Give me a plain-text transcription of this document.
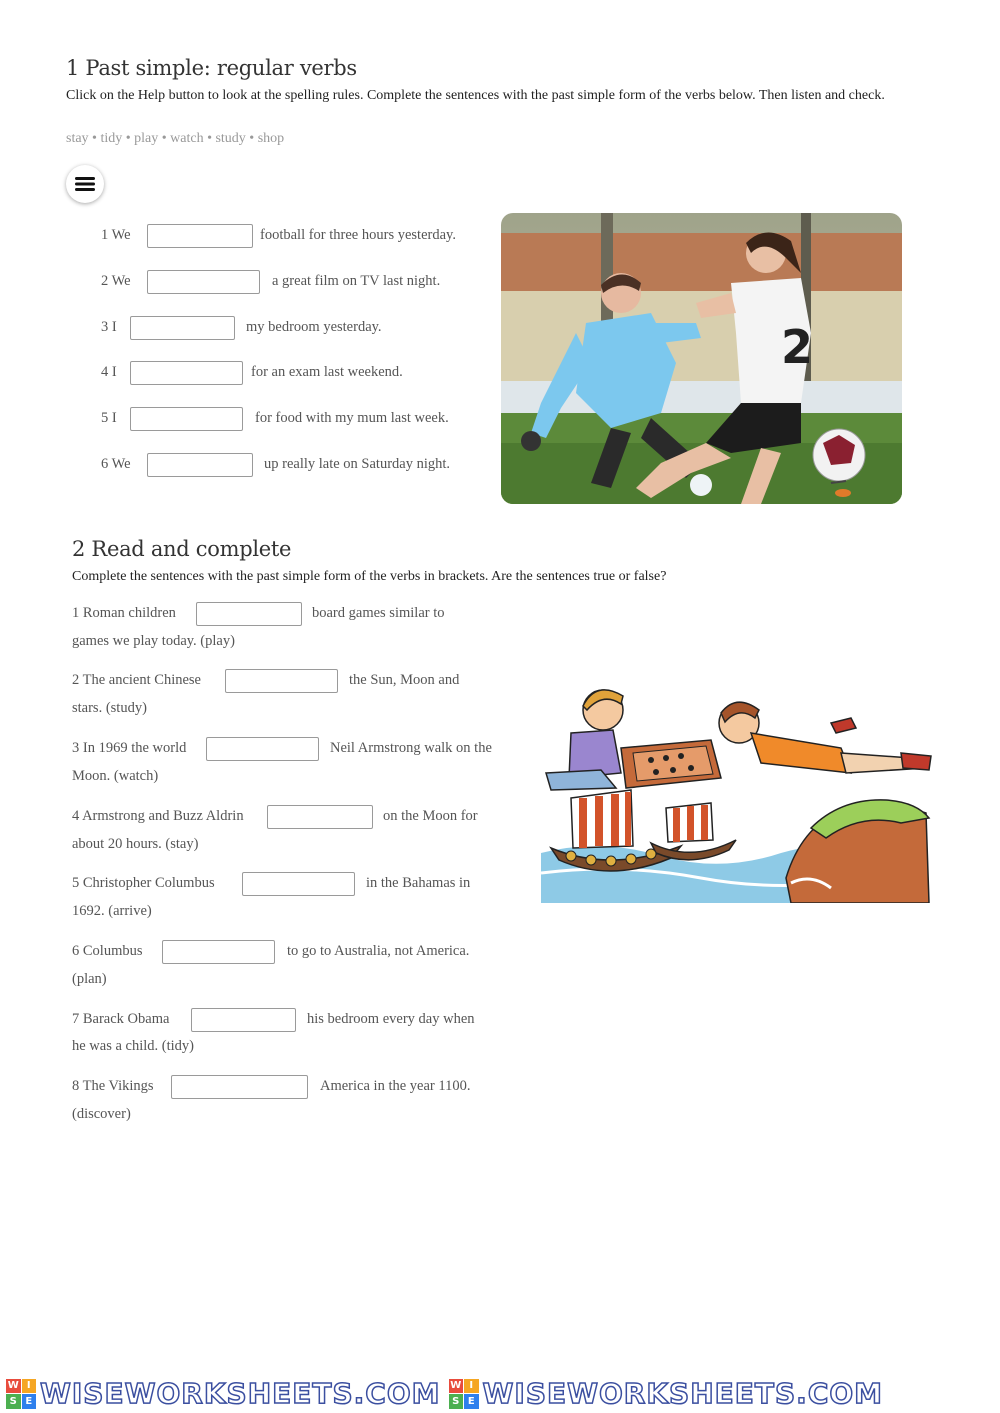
1 Past simple: regular verbs
Click on the Help button to look at the spelling rules. Complete the sentences with the past simple form of the verbs below. Then listen and check.
stay • tidy • play • watch • study • shop
1 We	football for three hours yesterday.
2 We	a great film on TV last night.
3 I	my bedroom yesterday.
4 I	for an exam last weekend.
5 I	for food with my mum last week.
6 We	up really late on Saturday night.
2
2 Read and complete
Complete the sentences with the past simple form of the verbs in brackets. Are the sentences true or false?
1 Roman children	board games similar to
games we play today. (play)
2 The ancient Chinese	the Sun, Moon and
stars. (study)
3 In 1969 the world	Neil Armstrong walk on the
Moon. (watch)
4 Armstrong and Buzz Aldrin	on the Moon for
about 20 hours. (stay)
5 Christopher Columbus	in the Bahamas in
1692. (arrive)
6 Columbus	to go to Australia, not America.
(plan)
7 Barack Obama	his bedroom every day when
he was a child. (tidy)
8 The Vikings	America in the year 1100.
(discover)
W I
S E WISEWORKSHEETS.COM W I
S E WISEWORKSHEETS.COM
